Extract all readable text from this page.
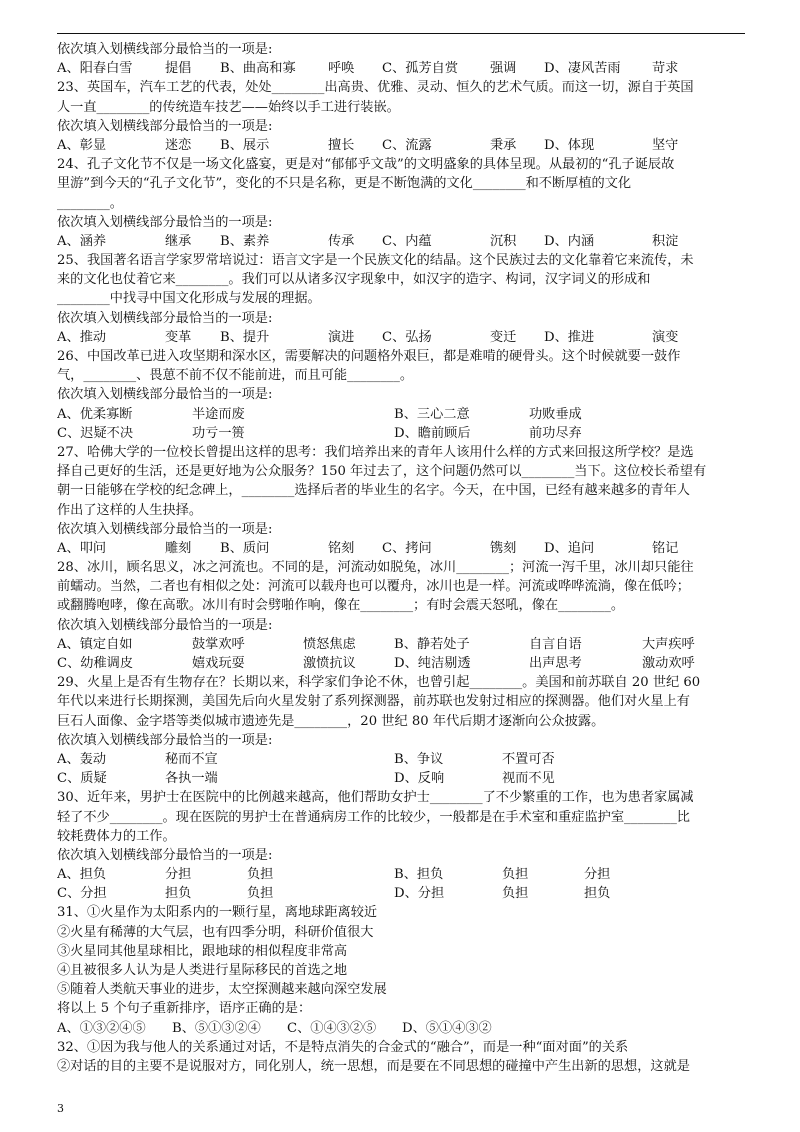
依次填入划横线部分最恰当的一项是:
A、阳春白雪 提倡 B、曲高和寡 呼唤 C、孤芳自赏 强调 D、凄风苦雨 苛求
23、英国车，汽车工艺的代表，处处________出高贵、优雅、灵动、恒久的艺术气质。而这一切，源自于英国
人一直________的传统造车技艺——始终以手工进行装嵌。
依次填入划横线部分最恰当的一项是:
A、彰显	迷恋 B、展示	擅长 C、流露	秉承 D、体现	坚守
24、孔子文化节不仅是一场文化盛宴，更是对“郁郁乎文哉”的文明盛象的具体呈现。从最初的“孔子诞辰故
里游”到今天的“孔子文化节”，变化的不只是名称，更是不断饱满的文化________和不断厚植的文化
________。
依次填入划横线部分最恰当的一项是:
A、涵养	继承 B、素养	传承 C、内蕴	沉积 D、内涵	积淀
25、我国著名语言学家罗常培说过：语言文字是一个民族文化的结晶。这个民族过去的文化靠着它来流传，未
来的文化也仗着它来________。我们可以从诸多汉字现象中，如汉字的造字、构词，汉字词义的形成和
________中找寻中国文化形成与发展的理据。
依次填入划横线部分最恰当的一项是:
A、推动	变革 B、提升	演进 C、弘扬	变迁 D、推进	演变
26、中国改革已进入攻坚期和深水区，需要解决的问题格外艰巨，都是难啃的硬骨头。这个时候就要一鼓作
气，________、畏葸不前不仅不能前进，而且可能________。
依次填入划横线部分最恰当的一项是:
A、优柔寡断	半途而废	B、三心二意	功败垂成
C、迟疑不决	功亏一篑	D、瞻前顾后	前功尽弃
27、哈佛大学的一位校长曾提出这样的思考：我们培养出来的青年人该用什么样的方式来回报这所学校？是选
择自己更好的生活，还是更好地为公众服务？150 年过去了，这个问题仍然可以________当下。这位校长希望有
朝一日能够在学校的纪念碑上，________选择后者的毕业生的名字。今天，在中国，已经有越来越多的青年人
作出了这样的人生抉择。
依次填入划横线部分最恰当的一项是:
A、叩问	雕刻 B、质问	铭刻 C、拷问	镌刻 D、追问	铭记
28、冰川，顾名思义，冰之河流也。不同的是，河流动如脱兔，冰川________；河流一泻千里，冰川却只能往
前蠕动。当然，二者也有相似之处：河流可以载舟也可以覆舟，冰川也是一样。河流或哗哗流淌，像在低吟；
或翻腾咆哮，像在高歌。冰川有时会劈啪作响，像在________；有时会震天怒吼，像在________。
依次填入划横线部分最恰当的一项是:
A、镇定自如	鼓掌欢呼	愤怒焦虑	B、静若处子	自言自语	大声疾呼
C、幼稚调皮	嬉戏玩耍	激愤抗议	D、纯洁剔透	出声思考	激动欢呼
29、火星上是否有生物存在？长期以来，科学家们争论不休，也曾引起________。美国和前苏联自 20 世纪 60
年代以来进行长期探测，美国先后向火星发射了系列探测器，前苏联也发射过相应的探测器。他们对火星上有
巨石人面像、金字塔等类似城市遗迹先是________，20 世纪 80 年代后期才逐渐向公众披露。
依次填入划横线部分最恰当的一项是:
A、轰动	秘而不宣	B、争议	不置可否
C、质疑	各执一端	D、反响	视而不见
30、近年来，男护士在医院中的比例越来越高，他们帮助女护士________了不少繁重的工作，也为患者家属减
轻了不少________。现在医院的男护士在普通病房工作的比较少，一般都是在手术室和重症监护室________比
较耗费体力的工作。
依次填入划横线部分最恰当的一项是:
A、担负	分担	负担	B、担负	负担	分担
C、分担	担负	负担	D、分担	负担	担负
31、①火星作为太阳系内的一颗行星，离地球距离较近
②火星有稀薄的大气层，也有四季分明，科研价值很大
③火星同其他星球相比，跟地球的相似程度非常高
④且被很多人认为是人类进行星际移民的首选之地
⑤随着人类航天事业的进步，太空探测越来越向深空发展
将以上 5 个句子重新排序，语序正确的是：
A、①③②④⑤ B、⑤①③②④ C、①④③②⑤ D、⑤①④③②
32、①因为我与他人的关系通过对话，不是特点消失的合金式的“融合”，而是一种“面对面”的关系
②对话的目的主要不是说服对方，同化别人，统一思想，而是要在不同思想的碰撞中产生出新的思想，这就是
3
